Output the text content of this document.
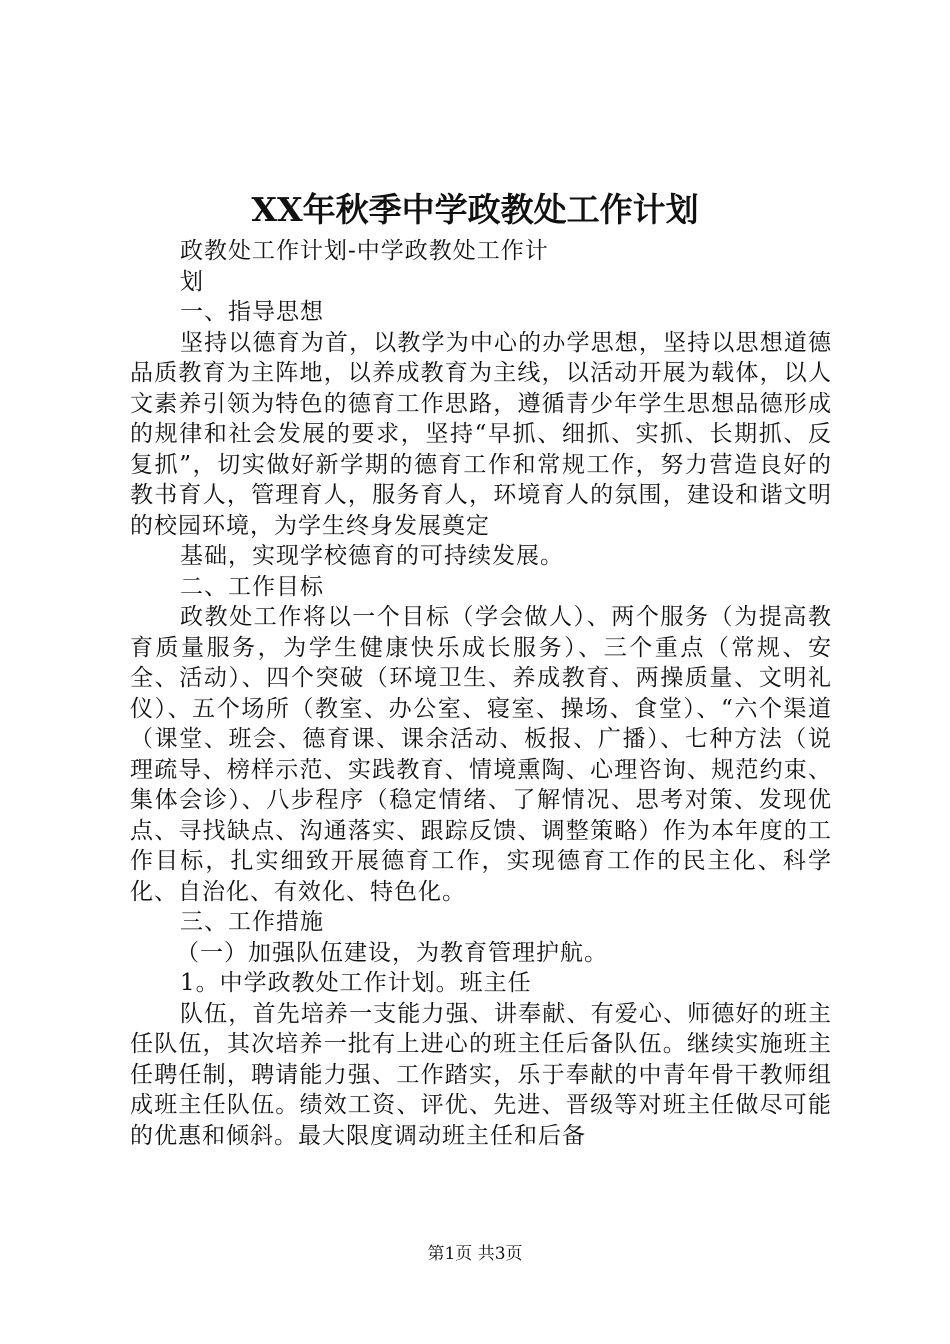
XX年秋季中学政教处工作计划

政教处工作计划-中学政教处工作计

划

一、指导思想

坚持以德育为首，以教学为中心的办学思想，坚持以思想道德品质教育为主阵地，以养成教育为主线，以活动开展为载体，以人文素养引领为特色的德育工作思路，遵循青少年学生思想品德形成的规律和社会发展的要求，坚持“早抓、细抓、实抓、长期抓、反复抓”，切实做好新学期的德育工作和常规工作，努力营造良好的教书育人，管理育人，服务育人，环境育人的氛围，建设和谐文明的校园环境，为学生终身发展奠定

基础，实现学校德育的可持续发展。

二、工作目标

政教处工作将以一个目标（学会做人）、两个服务（为提高教育质量服务，为学生健康快乐成长服务）、三个重点（常规、安全、活动）、四个突破（环境卫生、养成教育、两操质量、文明礼仪）、五个场所（教室、办公室、寝室、操场、食堂）、“六个渠道（课堂、班会、德育课、课余活动、板报、广播）、七种方法（说理疏导、榜样示范、实践教育、情境熏陶、心理咨询、规范约束、集体会诊）、八步程序（稳定情绪、了解情况、思考对策、发现优点、寻找缺点、沟通落实、跟踪反馈、调整策略）作为本年度的工作目标，扎实细致开展德育工作，实现德育工作的民主化、科学化、自治化、有效化、特色化。

三、工作措施

（一）加强队伍建设，为教育管理护航。

1。中学政教处工作计划。班主任

队伍，首先培养一支能力强、讲奉献、有爱心、师德好的班主任队伍，其次培养一批有上进心的班主任后备队伍。继续实施班主任聘任制，聘请能力强、工作踏实，乐于奉献的中青年骨干教师组成班主任队伍。绩效工资、评优、先进、晋级等对班主任做尽可能的优惠和倾斜。最大限度调动班主任和后备

第1页 共3页
